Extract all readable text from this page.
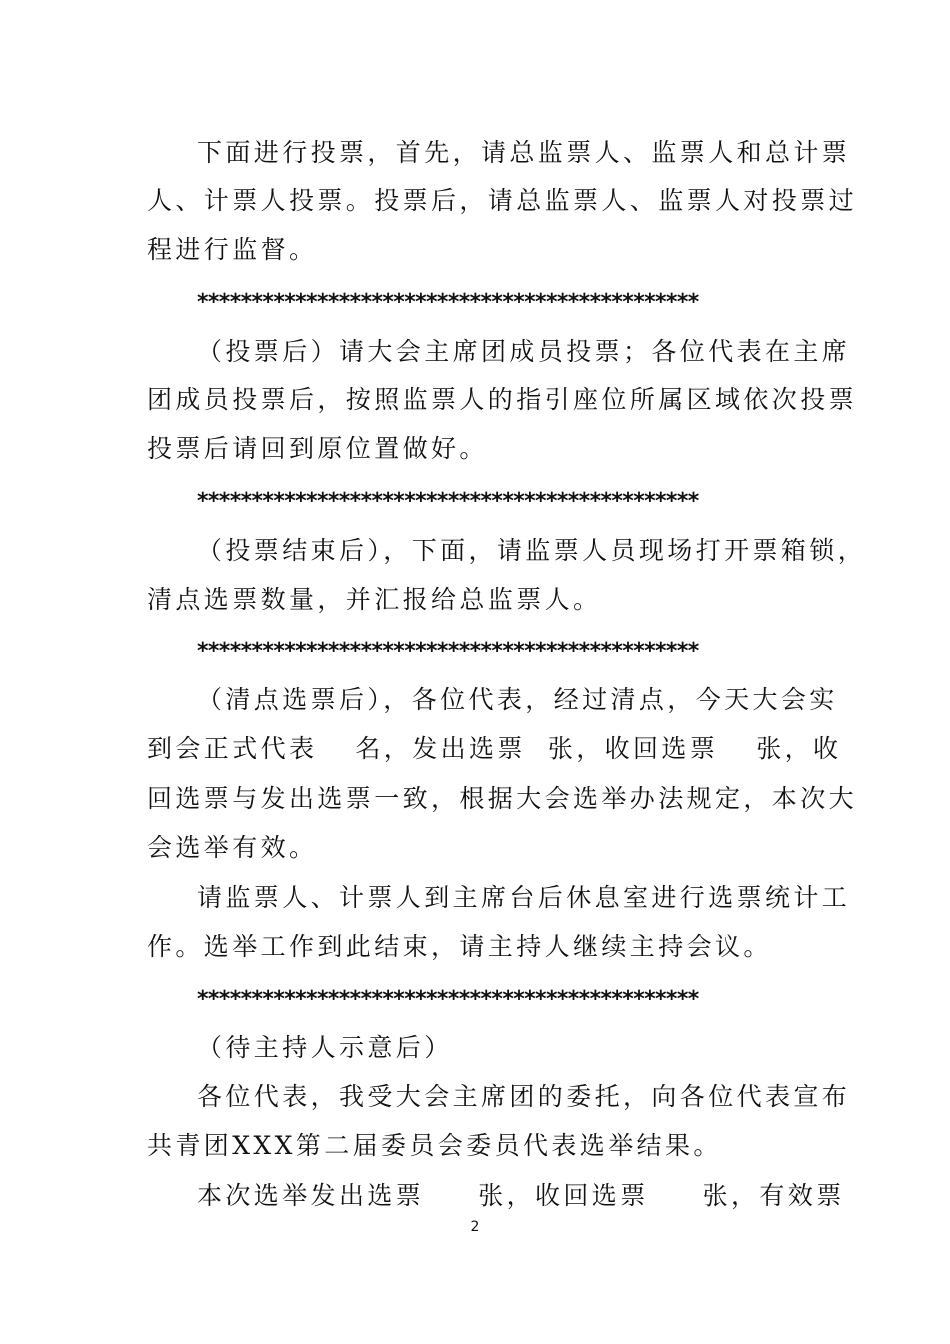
下面进行投票，首先，请总监票人、监票人和总计票
人、计票人投票。投票后，请总监票人、监票人对投票过
程进行监督。
**********************************************
（投票后）请大会主席团成员投票；各位代表在主席
团成员投票后，按照监票人的指引座位所属区域依次投票
投票后请回到原位置做好。
**********************************************
（投票结束后），下面，请监票人员现场打开票箱锁，
清点选票数量，并汇报给总监票人。
**********************************************
（清点选票后），各位代表，经过清点，今天大会实
到会正式代表 名，发出选票 张，收回选票 张，收
回选票与发出选票一致，根据大会选举办法规定，本次大
会选举有效。
请监票人、计票人到主席台后休息室进行选票统计工
作。选举工作到此结束，请主持人继续主持会议。
**********************************************
（待主持人示意后）
各位代表，我受大会主席团的委托，向各位代表宣布
共青团XXX第二届委员会委员代表选举结果。
本次选举发出选票 张，收回选票 张，有效票
2
